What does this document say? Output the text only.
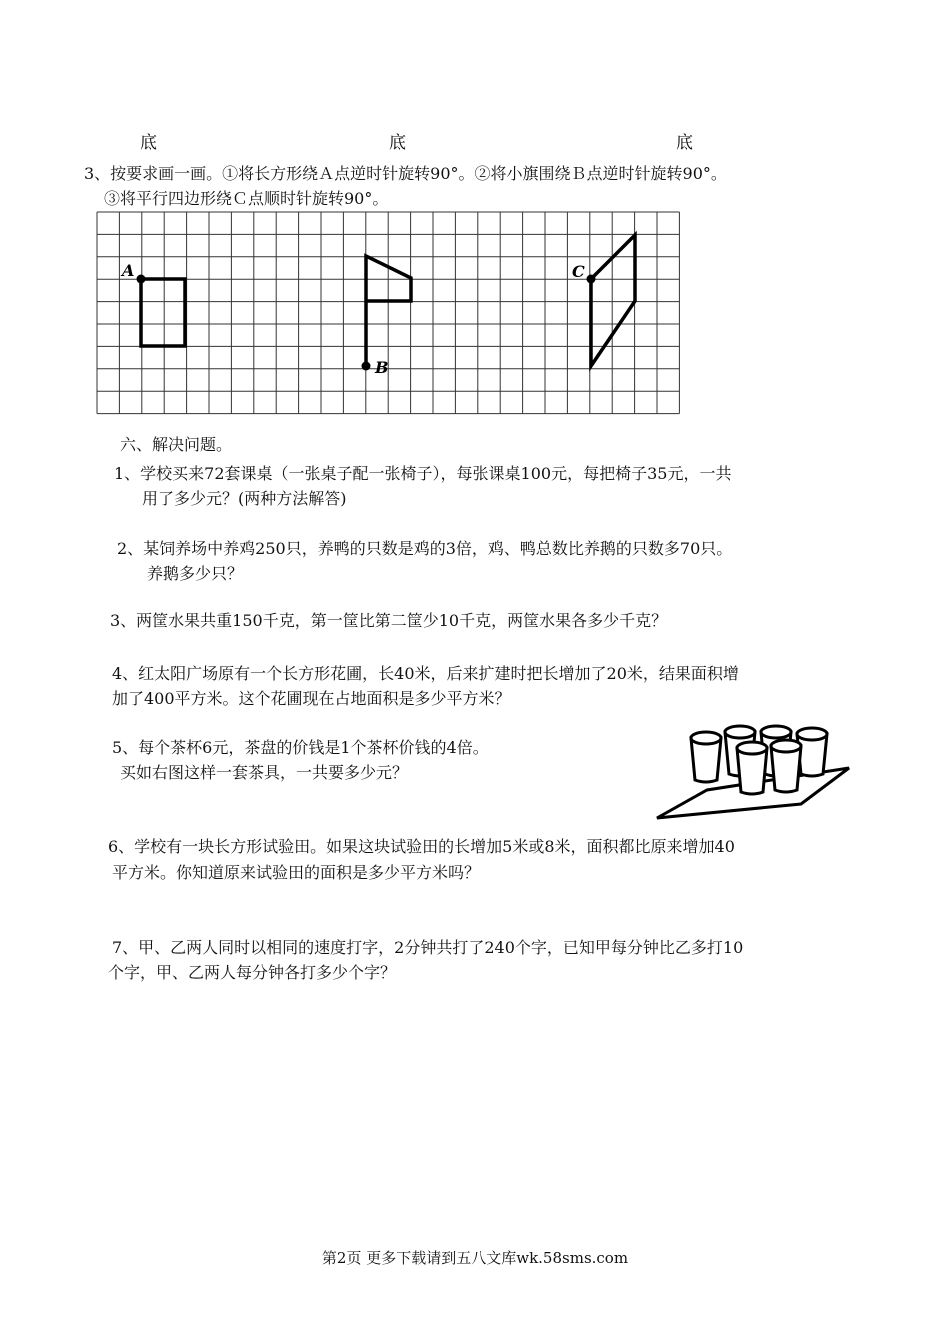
底	底	底
3、按要求画一画。①将长方形绕Ａ点逆时针旋转90°。②将小旗围绕Ｂ点逆时针旋转90°。
③将平行四边形绕Ｃ点顺时针旋转90°。
A
B
C
六、解决问题。
1、学校买来72套课桌（一张桌子配一张椅子），每张课桌100元，每把椅子35元，一共
用了多少元？(两种方法解答)
2、某饲养场中养鸡250只，养鸭的只数是鸡的3倍，鸡、鸭总数比养鹅的只数多70只。
养鹅多少只？
3、两筐水果共重150千克，第一筐比第二筐少10千克，两筐水果各多少千克？
4、红太阳广场原有一个长方形花圃，长40米，后来扩建时把长增加了20米，结果面积增
加了400平方米。这个花圃现在占地面积是多少平方米？
5、每个茶杯6元，茶盘的价钱是1个茶杯价钱的4倍。
买如右图这样一套茶具，一共要多少元？
6、学校有一块长方形试验田。如果这块试验田的长增加5米或8米，面积都比原来增加40
平方米。你知道原来试验田的面积是多少平方米吗？
7、甲、乙两人同时以相同的速度打字，2分钟共打了240个字，已知甲每分钟比乙多打10
个字，甲、乙两人每分钟各打多少个字？
第2页 更多下载请到五八文库wk.58sms.com
